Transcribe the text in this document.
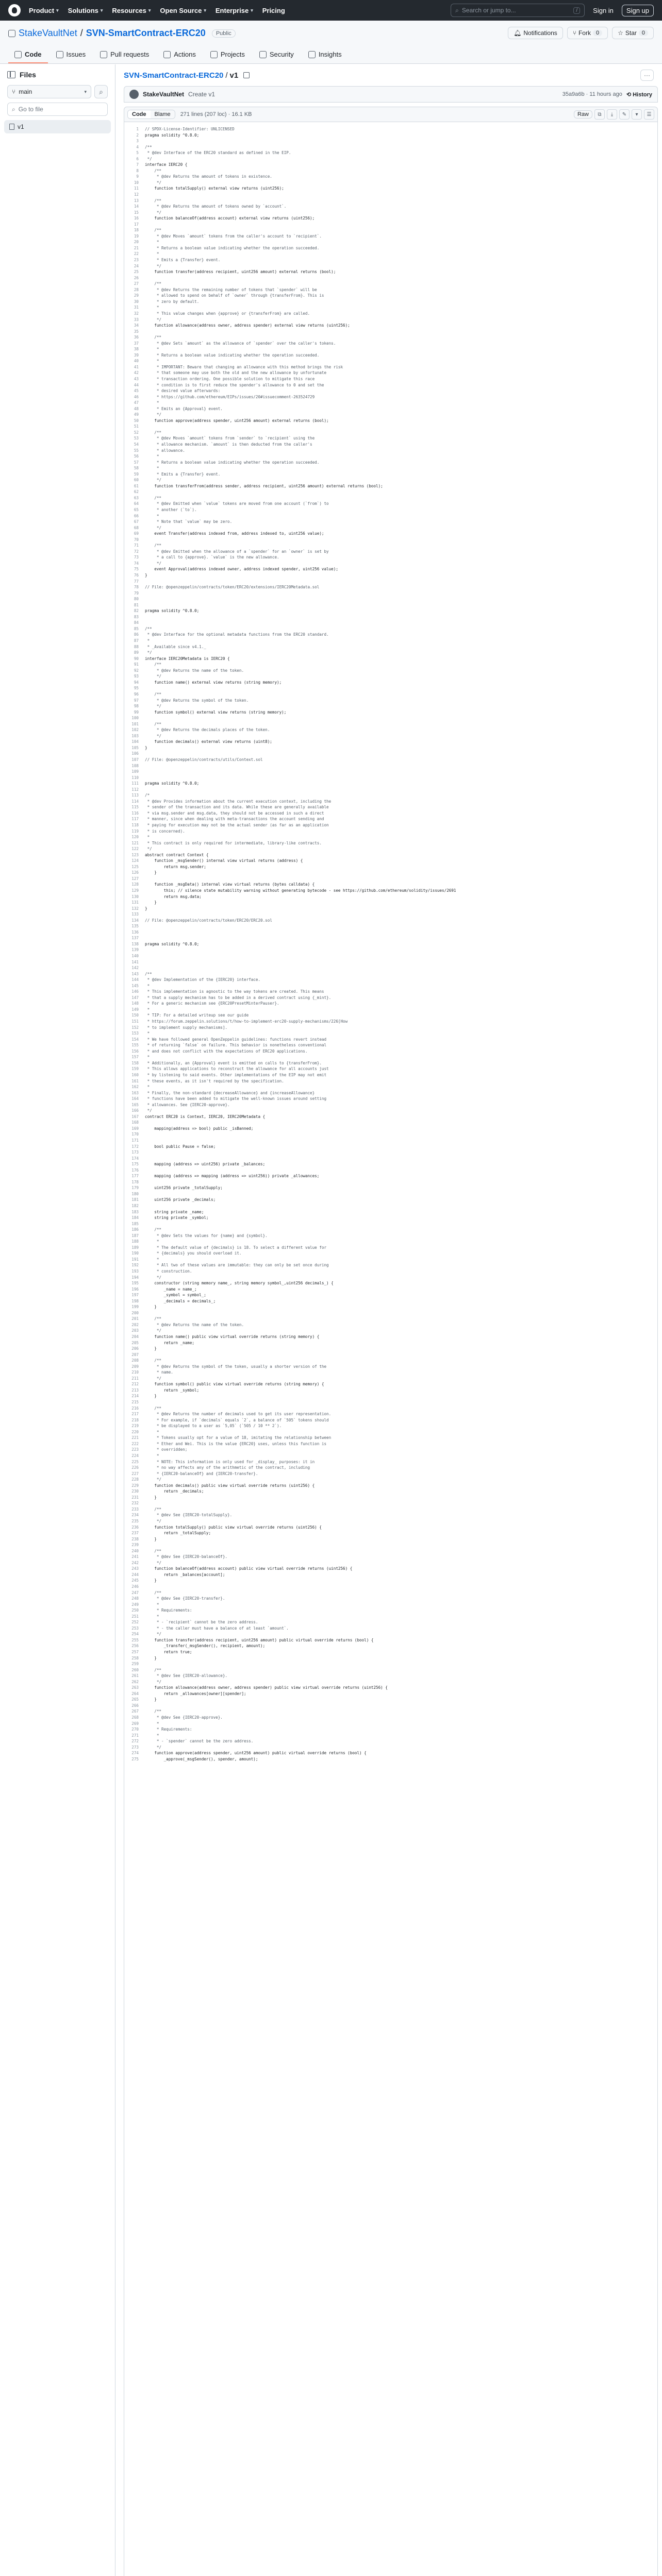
Product ▾ Solutions ▾ Resources ▾ Open Source ▾ Enterprise ▾ Pricing	⌕ Search or jump to...	/	Sign in	Sign up
StakeVaultNet / SVN-SmartContract-ERC20	Public	🔔︎ Notifications	⑂ Fork 0	☆ Star 0
Code	Issues	Pull requests	Actions	Projects	Security	Insights
Files
⑂ main	▾ ⌕
⌕ Go to file
v1
SVN-SmartContract-ERC20 / v1	···
StakeVaultNet Create v1	35a9a6b · 11 hours ago ⟲ History
Code	Blame	271 lines (207 loc) · 16.1 KB	Raw	⧉	⤓	✎	▾	☰
1	// SPDX-License-Identifier: UNLICENSED
2	pragma solidity ^0.8.0;
3
4	/**
5	* @dev Interface of the ERC20 standard as defined in the EIP.
6	*/
7	interface IERC20 {
8	/**
9	* @dev Returns the amount of tokens in existence.
10	*/
11	function totalSupply() external view returns (uint256);
12
13	/**
14	* @dev Returns the amount of tokens owned by `account`.
15	*/
16	function balanceOf(address account) external view returns (uint256);
17
18	/**
19	* @dev Moves `amount` tokens from the caller's account to `recipient`.
20	*
21	* Returns a boolean value indicating whether the operation succeeded.
22	*
23	* Emits a {Transfer} event.
24	*/
25	function transfer(address recipient, uint256 amount) external returns (bool);
26
27	/**
28	* @dev Returns the remaining number of tokens that `spender` will be
29	* allowed to spend on behalf of `owner` through {transferFrom}. This is
30	* zero by default.
31	*
32	* This value changes when {approve} or {transferFrom} are called.
33	*/
34	function allowance(address owner, address spender) external view returns (uint256);
35
36	/**
37	* @dev Sets `amount` as the allowance of `spender` over the caller's tokens.
38	*
39	* Returns a boolean value indicating whether the operation succeeded.
40	*
41	* IMPORTANT: Beware that changing an allowance with this method brings the risk
42	* that someone may use both the old and the new allowance by unfortunate
43	* transaction ordering. One possible solution to mitigate this race
44	* condition is to first reduce the spender's allowance to 0 and set the
45	* desired value afterwards:
46	* https://github.com/ethereum/EIPs/issues/20#issuecomment-263524729
47	*
48	* Emits an {Approval} event.
49	*/
50	function approve(address spender, uint256 amount) external returns (bool);
51
52	/**
53	* @dev Moves `amount` tokens from `sender` to `recipient` using the
54	* allowance mechanism. `amount` is then deducted from the caller's
55	* allowance.
56	*
57	* Returns a boolean value indicating whether the operation succeeded.
58	*
59	* Emits a {Transfer} event.
60	*/
61	function transferFrom(address sender, address recipient, uint256 amount) external returns (bool);
62
63	/**
64	* @dev Emitted when `value` tokens are moved from one account (`from`) to
65	* another (`to`).
66	*
67	* Note that `value` may be zero.
68	*/
69	event Transfer(address indexed from, address indexed to, uint256 value);
70
71	/**
72	* @dev Emitted when the allowance of a `spender` for an `owner` is set by
73	* a call to {approve}. `value` is the new allowance.
74	*/
75	event Approval(address indexed owner, address indexed spender, uint256 value);
76	}
77
78	// File: @openzeppelin/contracts/token/ERC20/extensions/IERC20Metadata.sol
79
80
81
82	pragma solidity ^0.8.0;
83
84
85	/**
86	* @dev Interface for the optional metadata functions from the ERC20 standard.
87	*
88	* _Available since v4.1._
89	*/
90	interface IERC20Metadata is IERC20 {
91	/**
92	* @dev Returns the name of the token.
93	*/
94	function name() external view returns (string memory);
95
96	/**
97	* @dev Returns the symbol of the token.
98	*/
99	function symbol() external view returns (string memory);
100
101	/**
102	* @dev Returns the decimals places of the token.
103	*/
104	function decimals() external view returns (uint8);
105	}
106
107	// File: @openzeppelin/contracts/utils/Context.sol
108
109
110
111	pragma solidity ^0.8.0;
112
113	/*
114	* @dev Provides information about the current execution context, including the
115	* sender of the transaction and its data. While these are generally available
116	* via msg.sender and msg.data, they should not be accessed in such a direct
117	* manner, since when dealing with meta-transactions the account sending and
118	* paying for execution may not be the actual sender (as far as an application
119	* is concerned).
120	*
121	* This contract is only required for intermediate, library-like contracts.
122	*/
123	abstract contract Context {
124	function _msgSender() internal view virtual returns (address) {
125	return msg.sender;
126	}
127
128	function _msgData() internal view virtual returns (bytes calldata) {
129	this; // silence state mutability warning without generating bytecode - see https://github.com/ethereum/solidity/issues/2691
130	return msg.data;
131	}
132	}
133
134	// File: @openzeppelin/contracts/token/ERC20/ERC20.sol
135
136
137
138	pragma solidity ^0.8.0;
139
140
141
142
143	/**
144	* @dev Implementation of the {IERC20} interface.
145	*
146	* This implementation is agnostic to the way tokens are created. This means
147	* that a supply mechanism has to be added in a derived contract using {_mint}.
148	* For a generic mechanism see {ERC20PresetMinterPauser}.
149	*
150	* TIP: For a detailed writeup see our guide
151	* https://forum.zeppelin.solutions/t/how-to-implement-erc20-supply-mechanisms/226[How
152	* to implement supply mechanisms].
153	*
154	* We have followed general OpenZeppelin guidelines: functions revert instead
155	* of returning `false` on failure. This behavior is nonetheless conventional
156	* and does not conflict with the expectations of ERC20 applications.
157	*
158	* Additionally, an {Approval} event is emitted on calls to {transferFrom}.
159	* This allows applications to reconstruct the allowance for all accounts just
160	* by listening to said events. Other implementations of the EIP may not emit
161	* these events, as it isn't required by the specification.
162	*
163	* Finally, the non-standard {decreaseAllowance} and {increaseAllowance}
164	* functions have been added to mitigate the well-known issues around setting
165	* allowances. See {IERC20-approve}.
166	*/
167	contract ERC20 is Context, IERC20, IERC20Metadata {
168
169	mapping(address => bool) public _isBanned;
170
171
172	bool public Pause = false;
173
174
175	mapping (address => uint256) private _balances;
176
177	mapping (address => mapping (address => uint256)) private _allowances;
178
179	uint256 private _totalSupply;
180
181	uint256 private _decimals;
182
183	string private _name;
184	string private _symbol;
185
186	/**
187	* @dev Sets the values for {name} and {symbol}.
188	*
189	* The default value of {decimals} is 18. To select a different value for
190	* {decimals} you should overload it.
191	*
192	* All two of these values are immutable: they can only be set once during
193	* construction.
194	*/
195	constructor (string memory name_, string memory symbol_,uint256 decimals_) {
196	_name = name_;
197	_symbol = symbol_;
198	_decimals = decimals_;
199	}
200
201	/**
202	* @dev Returns the name of the token.
203	*/
204	function name() public view virtual override returns (string memory) {
205	return _name;
206	}
207
208	/**
209	* @dev Returns the symbol of the token, usually a shorter version of the
210	* name.
211	*/
212	function symbol() public view virtual override returns (string memory) {
213	return _symbol;
214	}
215
216	/**
217	* @dev Returns the number of decimals used to get its user representation.
218	* For example, if `decimals` equals `2`, a balance of `505` tokens should
219	* be displayed to a user as `5,05` (`505 / 10 ** 2`).
220	*
221	* Tokens usually opt for a value of 18, imitating the relationship between
222	* Ether and Wei. This is the value {ERC20} uses, unless this function is
223	* overridden;
224	*
225	* NOTE: This information is only used for _display_ purposes: it in
226	* no way affects any of the arithmetic of the contract, including
227	* {IERC20-balanceOf} and {IERC20-transfer}.
228	*/
229	function decimals() public view virtual override returns (uint256) {
230	return _decimals;
231	}
232
233	/**
234	* @dev See {IERC20-totalSupply}.
235	*/
236	function totalSupply() public view virtual override returns (uint256) {
237	return _totalSupply;
238	}
239
240	/**
241	* @dev See {IERC20-balanceOf}.
242	*/
243	function balanceOf(address account) public view virtual override returns (uint256) {
244	return _balances[account];
245	}
246
247	/**
248	* @dev See {IERC20-transfer}.
249	*
250	* Requirements:
251	*
252	* - `recipient` cannot be the zero address.
253	* - the caller must have a balance of at least `amount`.
254	*/
255	function transfer(address recipient, uint256 amount) public virtual override returns (bool) {
256	_transfer(_msgSender(), recipient, amount);
257	return true;
258	}
259
260	/**
261	* @dev See {IERC20-allowance}.
262	*/
263	function allowance(address owner, address spender) public view virtual override returns (uint256) {
264	return _allowances[owner][spender];
265	}
266
267	/**
268	* @dev See {IERC20-approve}.
269	*
270	* Requirements:
271	*
272	* - `spender` cannot be the zero address.
273	*/
274	function approve(address spender, uint256 amount) public virtual override returns (bool) {
275	_approve(_msgSender(), spender, amount);
